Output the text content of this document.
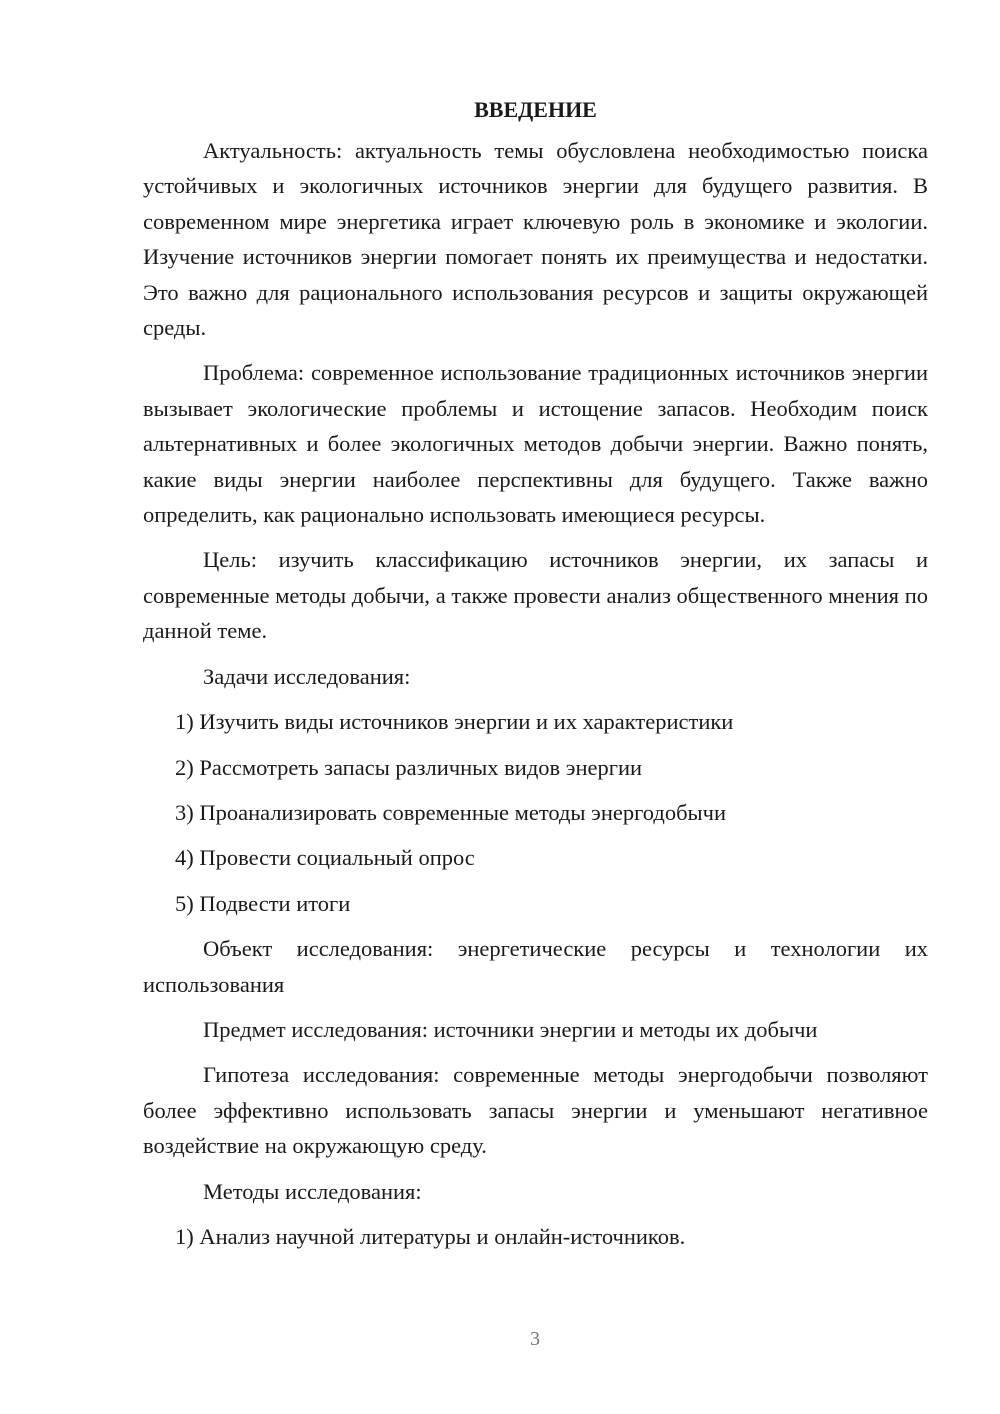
ВВЕДЕНИЕ

Актуальность: актуальность темы обусловлена необходимостью поиска устойчивых и экологичных источников энергии для будущего развития. В современном мире энергетика играет ключевую роль в экономике и экологии. Изучение источников энергии помогает понять их преимущества и недостатки. Это важно для рационального использования ресурсов и защиты окружающей среды.

Проблема: современное использование традиционных источников энергии вызывает экологические проблемы и истощение запасов. Необходим поиск альтернативных и более экологичных методов добычи энергии. Важно понять, какие виды энергии наиболее перспективны для будущего. Также важно определить, как рационально использовать имеющиеся ресурсы.

Цель: изучить классификацию источников энергии, их запасы и современные методы добычи, а также провести анализ общественного мнения по данной теме.

Задачи исследования:
1) Изучить виды источников энергии и их характеристики
2) Рассмотреть запасы различных видов энергии
3) Проанализировать современные методы энергодобычи
4) Провести социальный опрос
5) Подвести итоги

Объект исследования: энергетические ресурсы и технологии их использования

Предмет исследования: источники энергии и методы их добычи

Гипотеза исследования: современные методы энергодобычи позволяют более эффективно использовать запасы энергии и уменьшают негативное воздействие на окружающую среду.

Методы исследования:
1) Анализ научной литературы и онлайн-источников.
3
